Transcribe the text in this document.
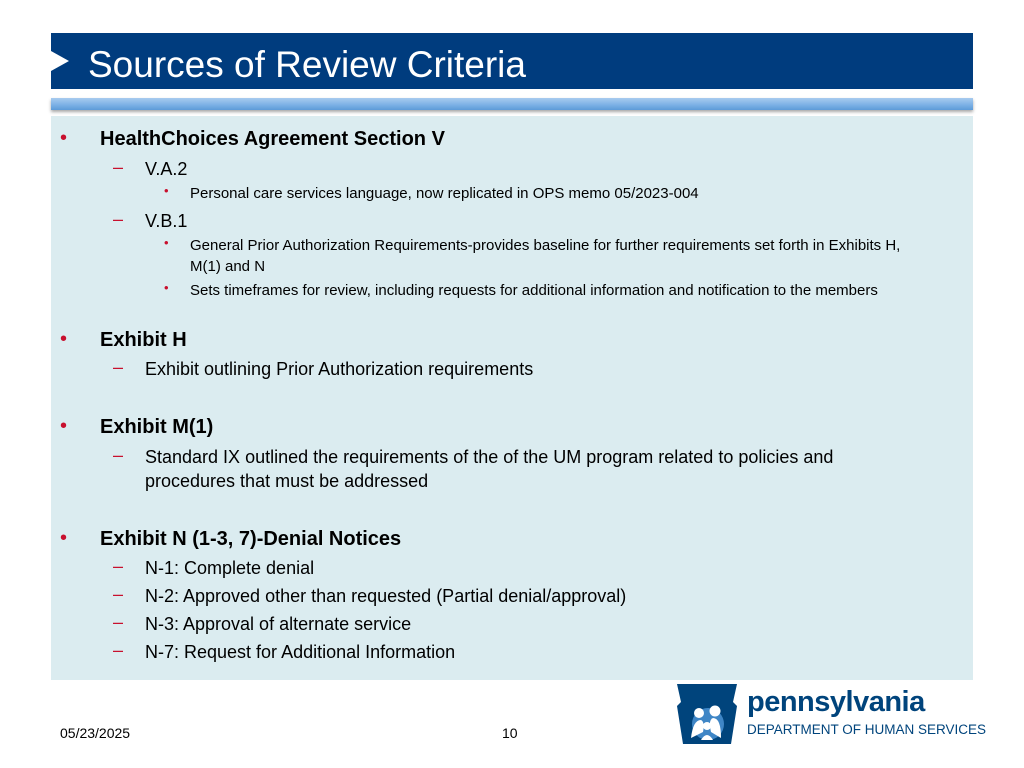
Sources of Review Criteria
• HealthChoices Agreement Section V
– V.A.2
• Personal care services language, now replicated in OPS memo 05/2023-004
– V.B.1
• General Prior Authorization Requirements-provides baseline for further requirements set forth in Exhibits H, M(1) and N
• Sets timeframes for review, including requests for additional information and notification to the members
• Exhibit H
– Exhibit outlining Prior Authorization requirements
• Exhibit M(1)
– Standard IX outlined the requirements of the of the UM program related to policies and procedures that must be addressed
• Exhibit N (1-3, 7)-Denial Notices
– N-1: Complete denial
– N-2: Approved other than requested (Partial denial/approval)
– N-3: Approval of alternate service
– N-7: Request for Additional Information
pennsylvania
DEPARTMENT OF HUMAN SERVICES
05/23/2025	10
